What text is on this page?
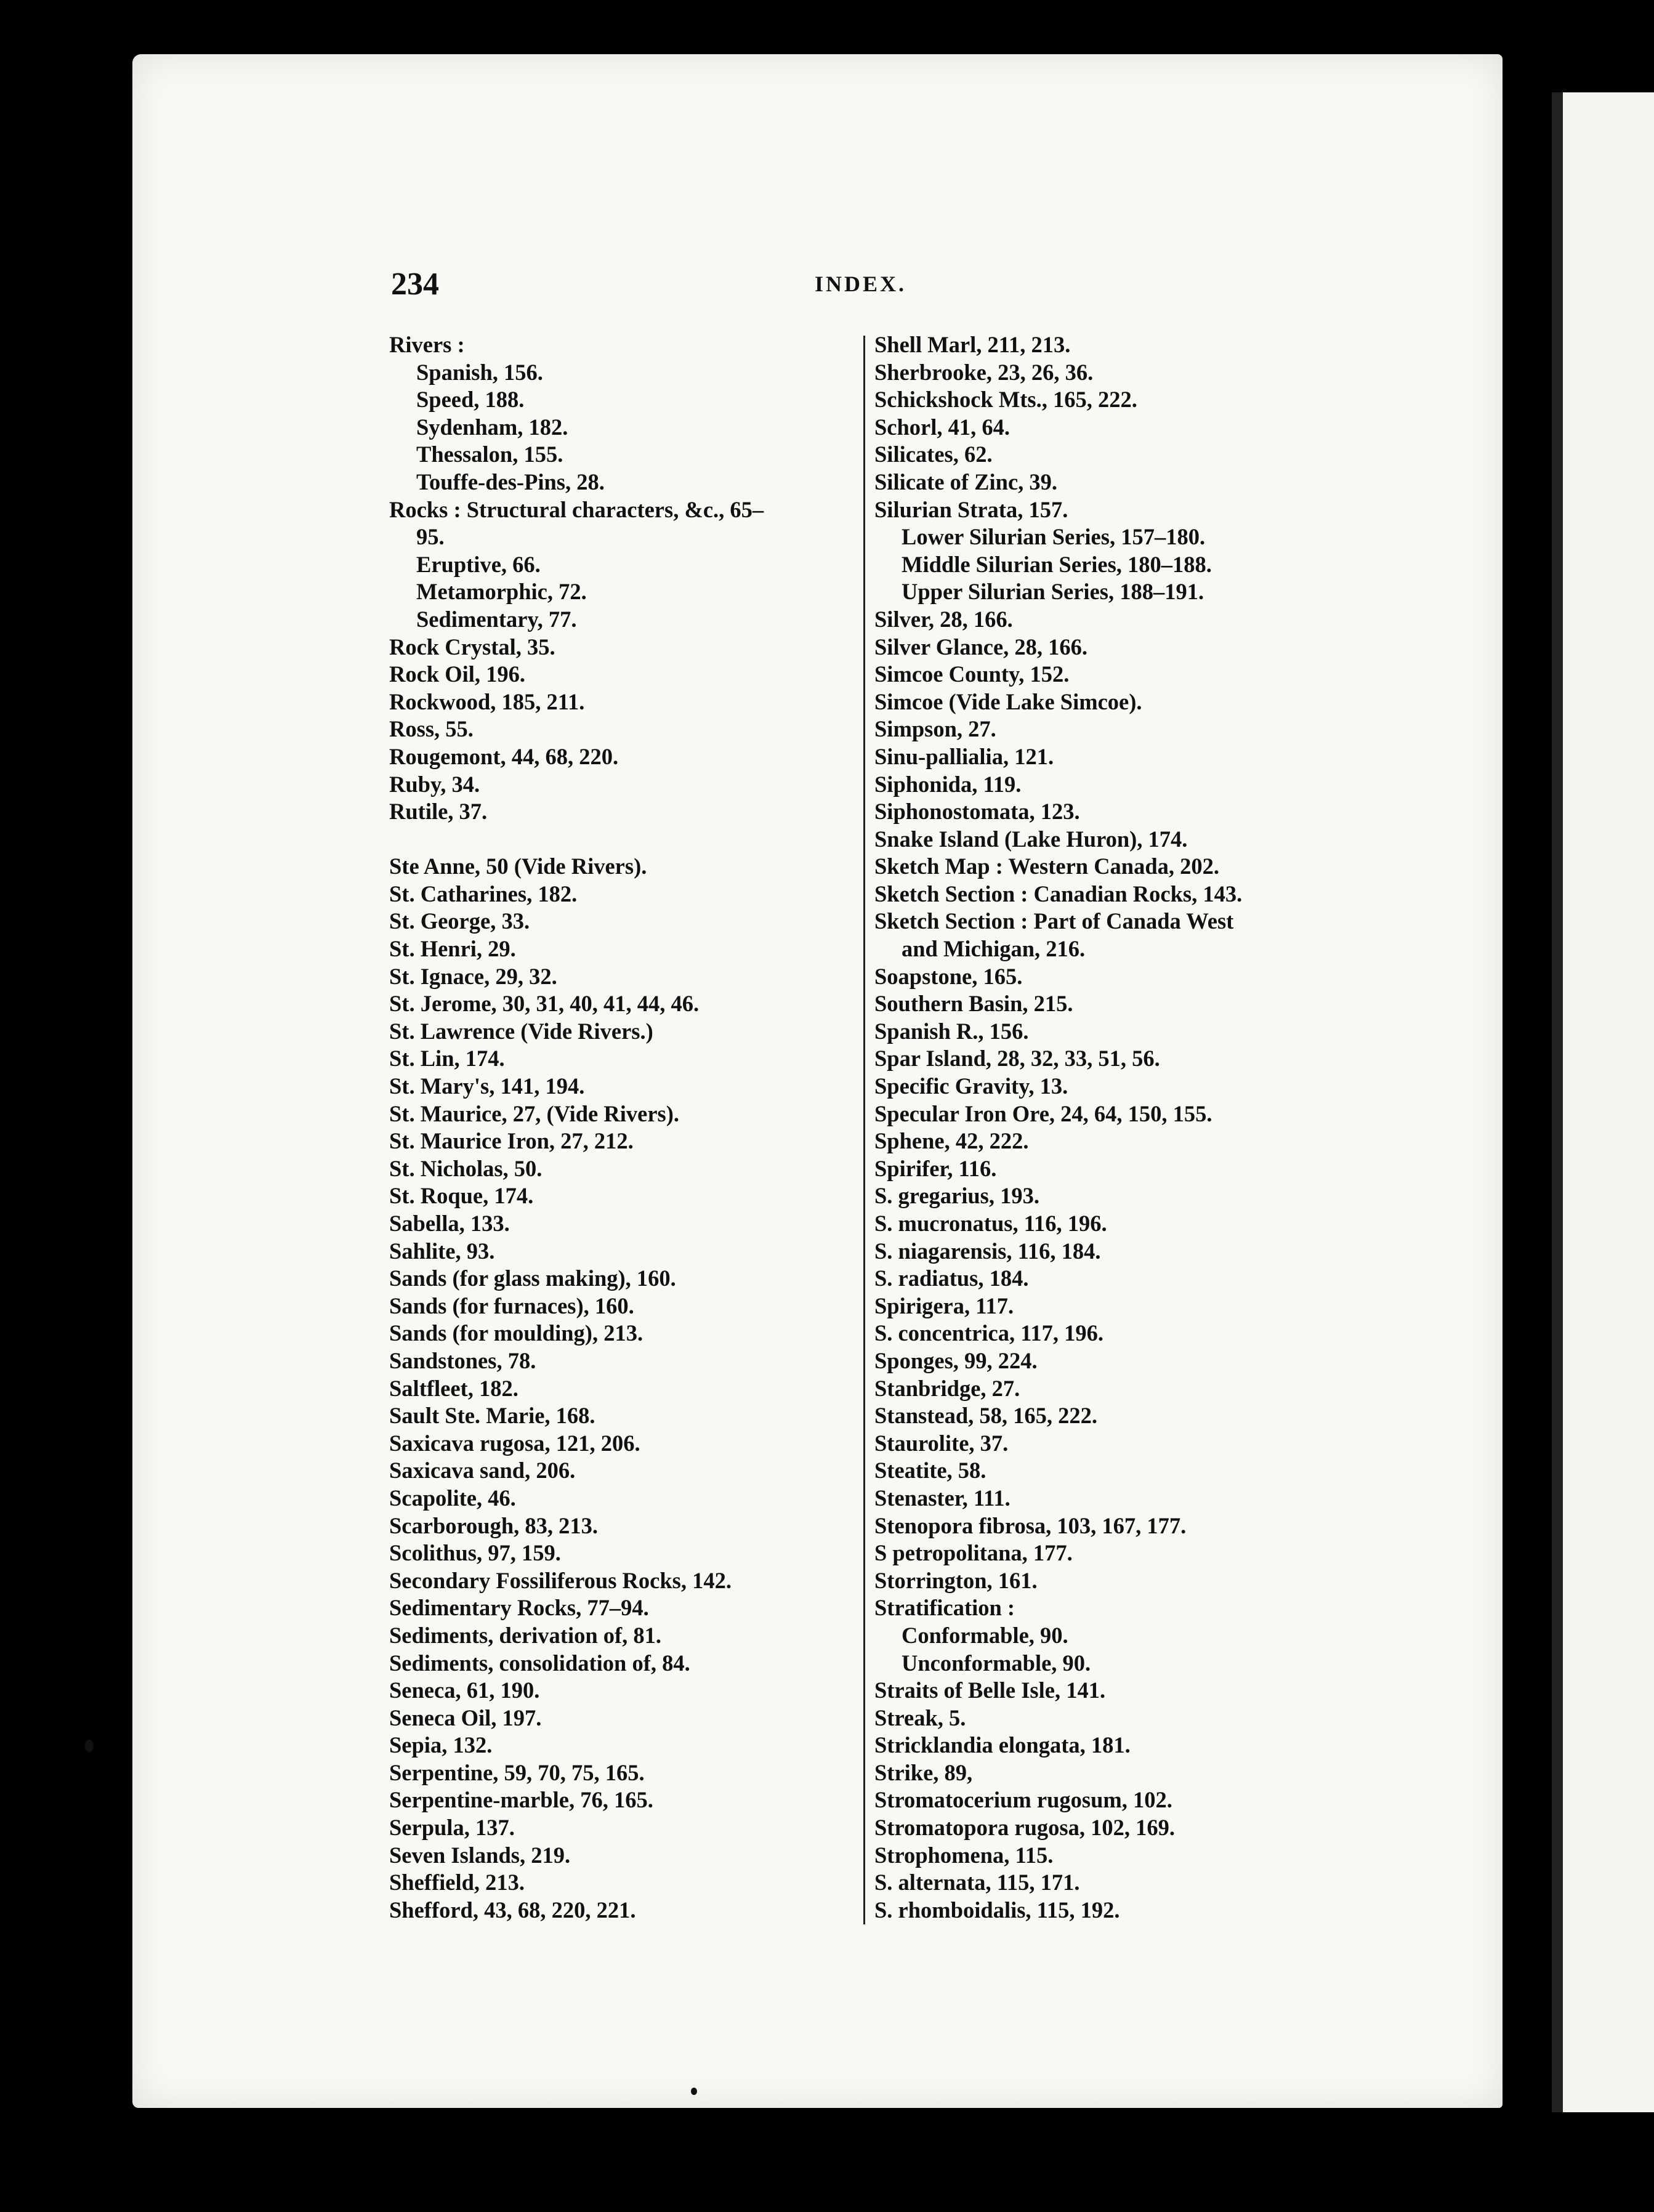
234	INDEX.
Rivers :
Spanish, 156.
Speed, 188.
Sydenham, 182.
Thessalon, 155.
Touffe-des-Pins, 28.
Rocks : Structural characters, &c., 65–
95.
Eruptive, 66.
Metamorphic, 72.
Sedimentary, 77.
Rock Crystal, 35.
Rock Oil, 196.
Rockwood, 185, 211.
Ross, 55.
Rougemont, 44, 68, 220.
Ruby, 34.
Rutile, 37.
Ste Anne, 50 (Vide Rivers).
St. Catharines, 182.
St. George, 33.
St. Henri, 29.
St. Ignace, 29, 32.
St. Jerome, 30, 31, 40, 41, 44, 46.
St. Lawrence (Vide Rivers.)
St. Lin, 174.
St. Mary's, 141, 194.
St. Maurice, 27, (Vide Rivers).
St. Maurice Iron, 27, 212.
St. Nicholas, 50.
St. Roque, 174.
Sabella, 133.
Sahlite, 93.
Sands (for glass making), 160.
Sands (for furnaces), 160.
Sands (for moulding), 213.
Sandstones, 78.
Saltfleet, 182.
Sault Ste. Marie, 168.
Saxicava rugosa, 121, 206.
Saxicava sand, 206.
Scapolite, 46.
Scarborough, 83, 213.
Scolithus, 97, 159.
Secondary Fossiliferous Rocks, 142.
Sedimentary Rocks, 77–94.
Sediments, derivation of, 81.
Sediments, consolidation of, 84.
Seneca, 61, 190.
Seneca Oil, 197.
Sepia, 132.
Serpentine, 59, 70, 75, 165.
Serpentine-marble, 76, 165.
Serpula, 137.
Seven Islands, 219.
Sheffield, 213.
Shefford, 43, 68, 220, 221.
Shell Marl, 211, 213.
Sherbrooke, 23, 26, 36.
Schickshock Mts., 165, 222.
Schorl, 41, 64.
Silicates, 62.
Silicate of Zinc, 39.
Silurian Strata, 157.
Lower Silurian Series, 157–180.
Middle Silurian Series, 180–188.
Upper Silurian Series, 188–191.
Silver, 28, 166.
Silver Glance, 28, 166.
Simcoe County, 152.
Simcoe (Vide Lake Simcoe).
Simpson, 27.
Sinu-pallialia, 121.
Siphonida, 119.
Siphonostomata, 123.
Snake Island (Lake Huron), 174.
Sketch Map : Western Canada, 202.
Sketch Section : Canadian Rocks, 143.
Sketch Section : Part of Canada West
and Michigan, 216.
Soapstone, 165.
Southern Basin, 215.
Spanish R., 156.
Spar Island, 28, 32, 33, 51, 56.
Specific Gravity, 13.
Specular Iron Ore, 24, 64, 150, 155.
Sphene, 42, 222.
Spirifer, 116.
S. gregarius, 193.
S. mucronatus, 116, 196.
S. niagarensis, 116, 184.
S. radiatus, 184.
Spirigera, 117.
S. concentrica, 117, 196.
Sponges, 99, 224.
Stanbridge, 27.
Stanstead, 58, 165, 222.
Staurolite, 37.
Steatite, 58.
Stenaster, 111.
Stenopora fibrosa, 103, 167, 177.
S petropolitana, 177.
Storrington, 161.
Stratification :
Conformable, 90.
Unconformable, 90.
Straits of Belle Isle, 141.
Streak, 5.
Stricklandia elongata, 181.
Strike, 89,
Stromatocerium rugosum, 102.
Stromatopora rugosa, 102, 169.
Strophomena, 115.
S. alternata, 115, 171.
S. rhomboidalis, 115, 192.
